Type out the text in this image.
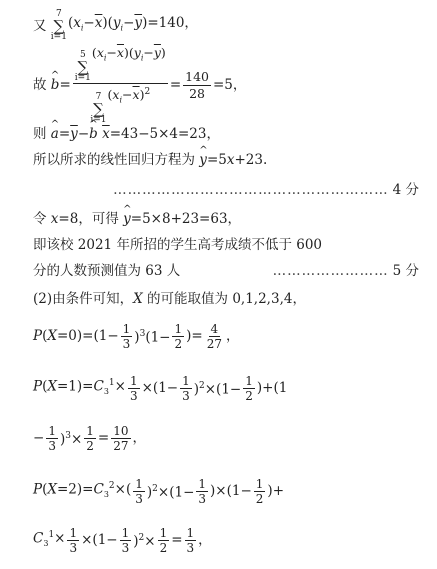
又
7
∑
i=1
$(x_i-\overline{x})(y_i-\overline{y})=140$，
故 ^ b= 5
∑
i=1
$(x_i-\overline{x})(y_i-\overline{y})$
7
∑
i=1
$(x_i-\overline{x})^2 = \frac{140}{28} =5$，
则 ^ $a=\overline{y}-\^{}$ b $\overline{x}=43-5\times 4=23$，
所以所求的线性回归方程为 ^ y=5x+23.
………………………………………………… 4 分
令 x=8，可得 ^ y=5×8+23=63，
即该校 2021 年所招的学生高考成绩不低于 600
分的人数预测值为 63 人	…………………… 5 分
(2)由条件可知，X 的可能取值为 0,1,2,3,4，
$P(X=0)=(1- \frac{1}{3} )^3(1- \frac{1}{2}$ )= $\frac{4}{27}$ ，
$P(X=1)=C_3^1\times \frac{1}{3} \times(1- \frac{1}{3} )^2\times(1- \frac{1}{2} )+(1$
− $\frac{1}{3} )^3\times \frac{1}{2} = \frac{10}{27}$ ，
$P(X=2)=C_3^2\times( \frac{1}{3} )^2\times(1- \frac{1}{3} )\times(1- \frac{1}{2}$ )+
$C_3^1\times \frac{1}{3} \times(1- \frac{1}{3} )^2\times \frac{1}{2} = \frac{1}{3}$ ，
